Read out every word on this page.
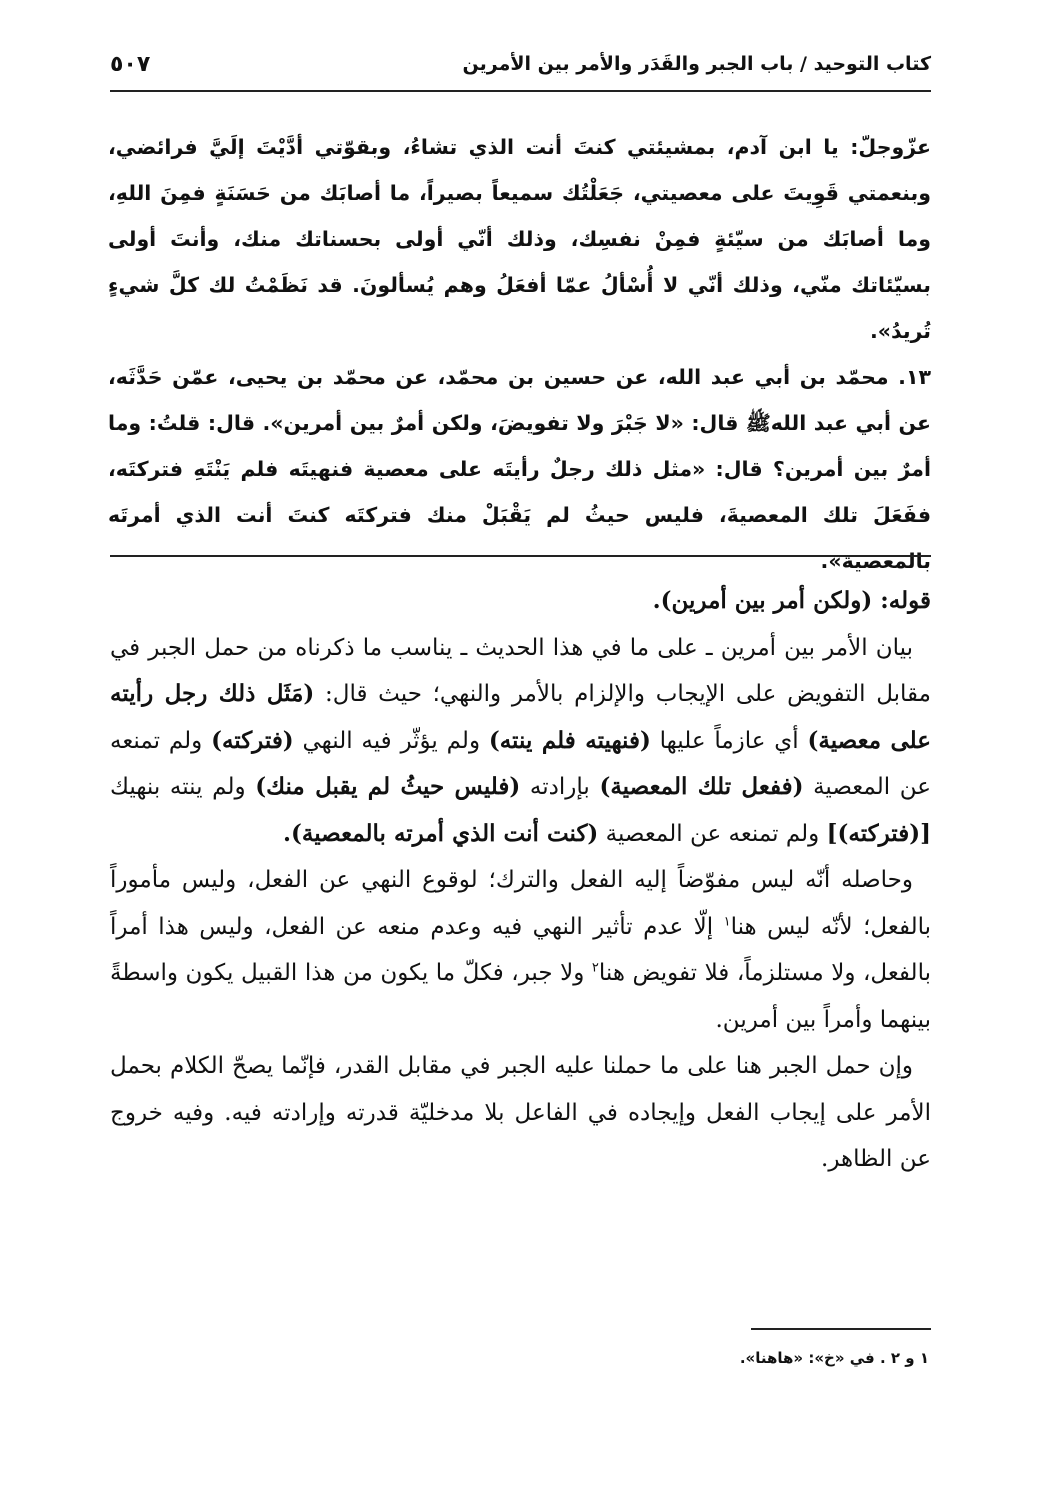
كتاب التوحيد / باب الجبر والقَدَر والأمر بين الأمرين
٥٠٧

عزّوجلّ: يا ابن آدم، بمشيئتي كنتَ أنت الذي تشاءُ، وبقوّتي أدَّيْتَ إلَيَّ فرائضي، وبنعمتي قَوِيتَ على معصيتي، جَعَلْتُك سميعاً بصيراً، ما أصابَك من حَسَنَةٍ فمِنَ اللهِ، وما أصابَك من سيّئةٍ فمِنْ نفسِك، وذلك أنّي أولى بحسناتك منك، وأنتَ أولى بسيّئاتك منّي، وذلك أنّي لا أُسْألُ عمّا أفعَلُ وهم يُسألونَ. قد نَظَمْتُ لك كلَّ شيءٍ تُريدُ».

١٣. محمّد بن أبي عبد الله، عن حسين بن محمّد، عن محمّد بن يحيى، عمّن حَدَّثَه، عن أبي عبد الله‌ﷺ قال: «لا جَبْرَ ولا تفويضَ، ولكن أمرٌ بين أمرين». قال: قلتُ: وما أمرٌ بين أمرين؟ قال: «مثل ذلك رجلٌ رأيتَه على معصية فنهيتَه فلم يَنْتَهِ فتركتَه، ففَعَلَ تلك المعصيةَ، فليس حيثُ لم يَقْبَلْ منك فتركتَه كنتَ أنت الذي أمرتَه بالمعصية».

قوله: (ولكن أمر بين أمرين).

بيان الأمر بين أمرين ـ على ما في هذا الحديث ـ يناسب ما ذكرناه من حمل الجبر في مقابل التفويض على الإيجاب والإلزام بالأمر والنهي؛ حيث قال: (مَثَل ذلك رجل رأيته على معصية) أي عازماً عليها (فنهيته فلم ينته) ولم يؤثّر فيه النهي (فتركته) ولم تمنعه عن المعصية (ففعل تلك المعصية) بإرادته (فليس حيثُ لم يقبل منك) ولم ينته بنهيك [(فتركته)] ولم تمنعه عن المعصية (كنت أنت الذي أمرته بالمعصية).

وحاصله أنّه ليس مفوّضاً إليه الفعل والترك؛ لوقوع النهي عن الفعل، وليس مأموراً بالفعل؛ لأنّه ليس هنا$^١$ إلّا عدم تأثير النهي فيه وعدم منعه عن الفعل، وليس هذا أمراً بالفعل، ولا مستلزماً، فلا تفويض هنا$^٢$ ولا جبر، فكلّ ما يكون من هذا القبيل يكون واسطةً بينهما وأمراً بين أمرين.

وإن حمل الجبر هنا على ما حملنا عليه الجبر في مقابل القدر، فإنّما يصحّ الكلام بحمل الأمر على إيجاب الفعل وإيجاده في الفاعل بلا مدخليّة قدرته وإرادته فيه. وفيه خروج عن الظاهر.

١ و ٢ . في «خ»: «هاهنا».
